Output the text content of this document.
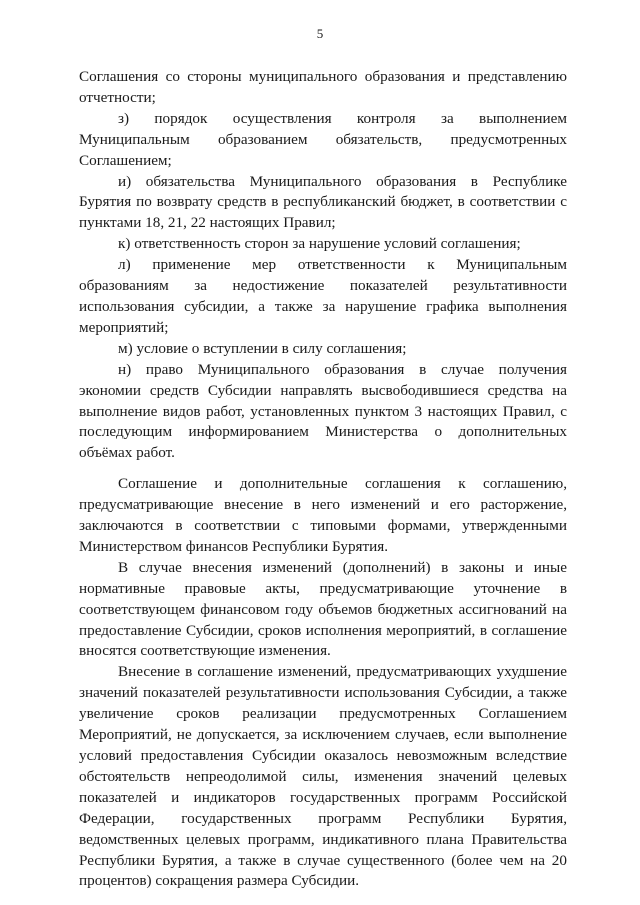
5

Соглашения со стороны муниципального образования и представлению отчетности;

з) порядок осуществления контроля за выполнением Муниципальным образованием обязательств, предусмотренных Соглашением;

и) обязательства Муниципального образования в Республике Бурятия по возврату средств в республиканский бюджет, в соответствии с пунктами 18, 21, 22 настоящих Правил;

к) ответственность сторон за нарушение условий соглашения;

л) применение мер ответственности к Муниципальным образованиям за недостижение показателей результативности использования субсидии, а также за нарушение графика выполнения мероприятий;

м) условие о вступлении в силу соглашения;

н) право Муниципального образования в случае получения экономии средств Субсидии направлять высвободившиеся средства на выполнение видов работ, установленных пунктом 3 настоящих Правил, с последующим информированием Министерства о дополнительных объёмах работ.

Соглашение и дополнительные соглашения к соглашению, предусматривающие внесение в него изменений и его расторжение, заключаются в соответствии с типовыми формами, утвержденными Министерством финансов Республики Бурятия.

В случае внесения изменений (дополнений) в законы и иные нормативные правовые акты, предусматривающие уточнение в соответствующем финансовом году объемов бюджетных ассигнований на предоставление Субсидии, сроков исполнения мероприятий, в соглашение вносятся соответствующие изменения.

Внесение в соглашение изменений, предусматривающих ухудшение значений показателей результативности использования Субсидии, а также увеличение сроков реализации предусмотренных Соглашением Мероприятий, не допускается, за исключением случаев, если выполнение условий предоставления Субсидии оказалось невозможным вследствие обстоятельств непреодолимой силы, изменения значений целевых показателей и индикаторов государственных программ Российской Федерации, государственных программ Республики Бурятия, ведомственных целевых программ, индикативного плана Правительства Республики Бурятия, а также в случае существенного (более чем на 20 процентов) сокращения размера Субсидии.
